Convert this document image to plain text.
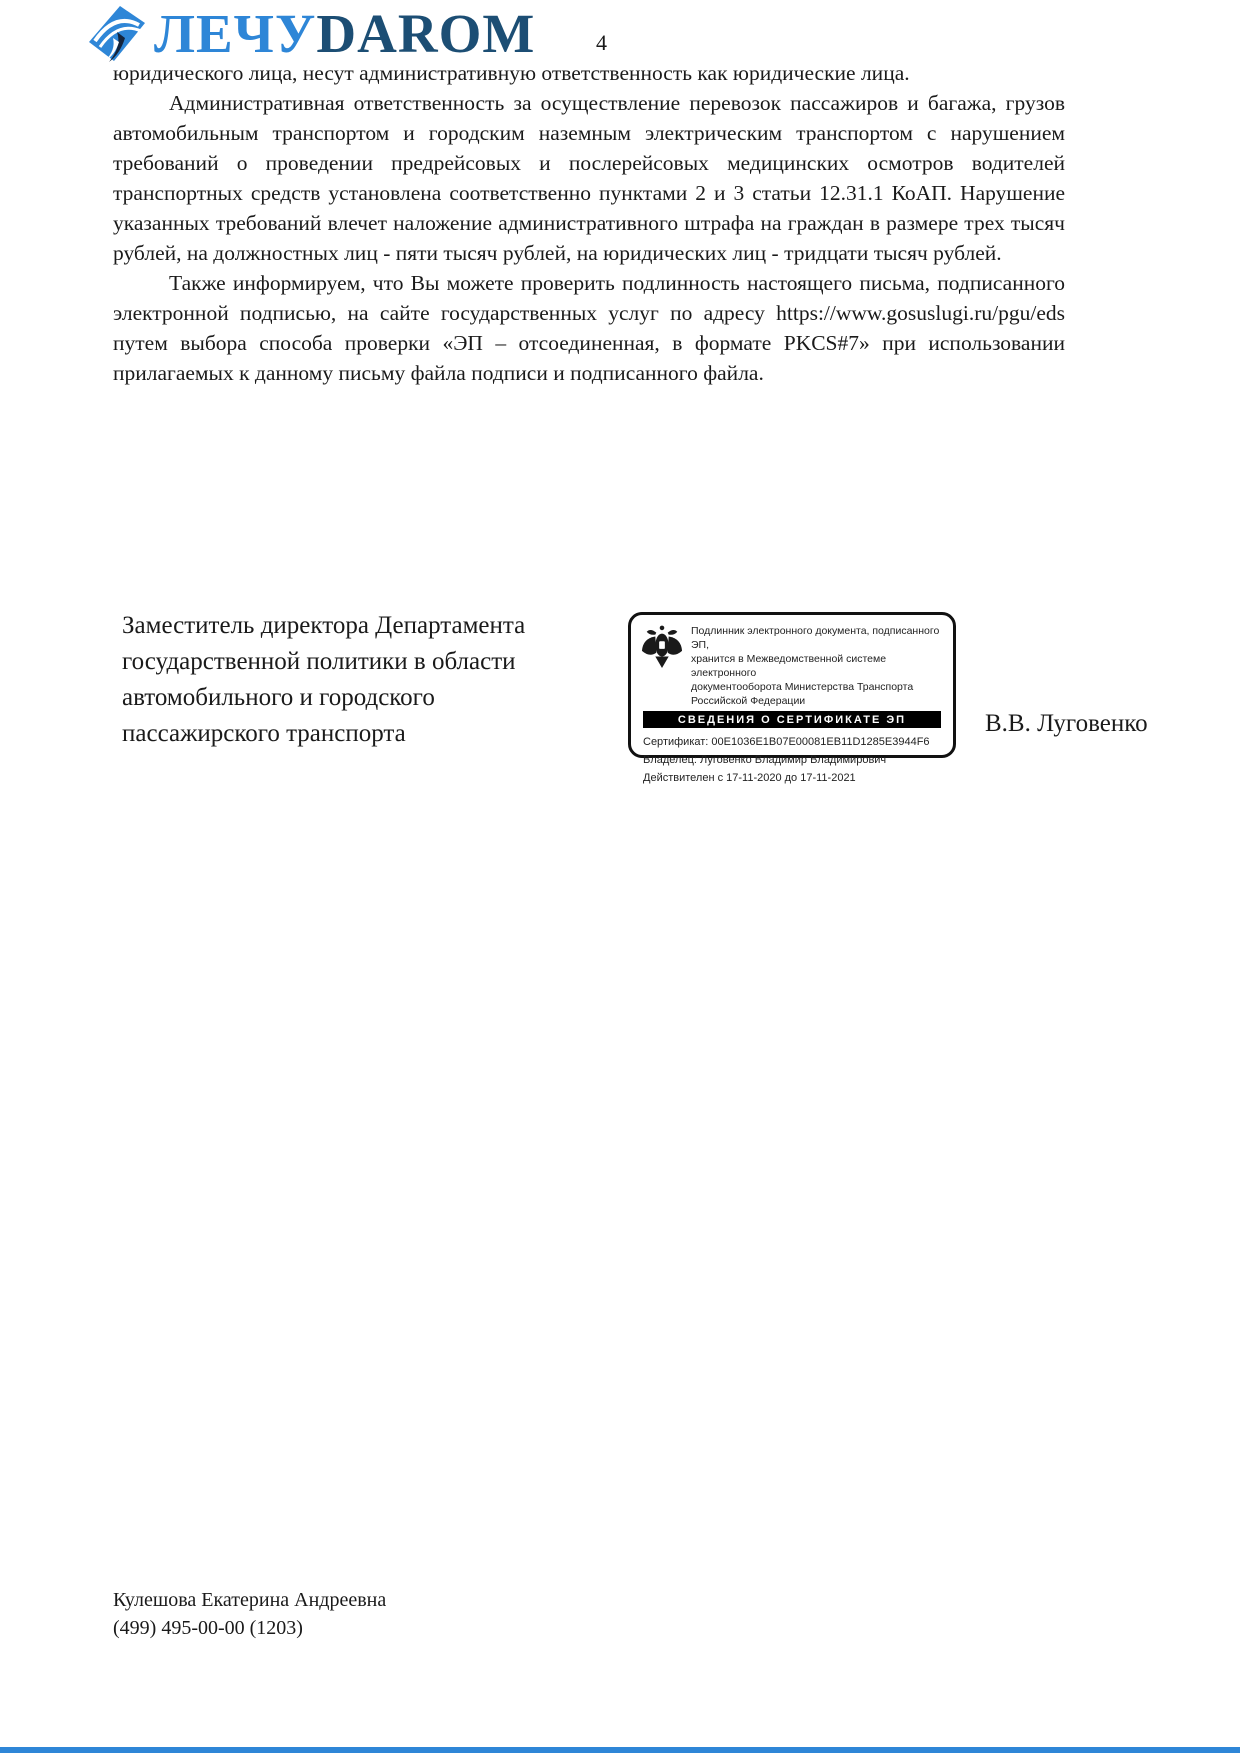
ЛЕЧУDAROM	4

юридического лица, несут административную ответственность как юридические лица.

Административная ответственность за осуществление перевозок пассажиров и багажа, грузов автомобильным транспортом и городским наземным электрическим транспортом с нарушением требований о проведении предрейсовых и послерейсовых медицинских осмотров водителей транспортных средств установлена соответственно пунктами 2 и 3 статьи 12.31.1 КоАП. Нарушение указанных требований влечет наложение административного штрафа на граждан в размере трех тысяч рублей, на должностных лиц - пяти тысяч рублей, на юридических лиц - тридцати тысяч рублей.

Также информируем, что Вы можете проверить подлинность настоящего письма, подписанного электронной подписью, на сайте государственных услуг по адресу https://www.gosuslugi.ru/pgu/eds путем выбора способа проверки «ЭП – отсоединенная, в формате PKCS#7» при использовании прилагаемых к данному письму файла подписи и подписанного файла.

Заместитель директора Департамента
государственной политики в области
автомобильного и городского
пассажирского транспорта
Подлинник электронного документа, подписанного ЭП,
хранится в Межведомственной системе электронного
документооборота Министерства Транспорта
Российской Федерации
СВЕДЕНИЯ О СЕРТИФИКАТЕ ЭП
Сертификат: 00E1036E1B07E00081EB11D1285E3944F6
Владелец: Луговенко Владимир Владимирович
Действителен с 17-11-2020 до 17-11-2021
В.В. Луговенко
Кулешова Екатерина Андреевна
(499) 495-00-00 (1203)
